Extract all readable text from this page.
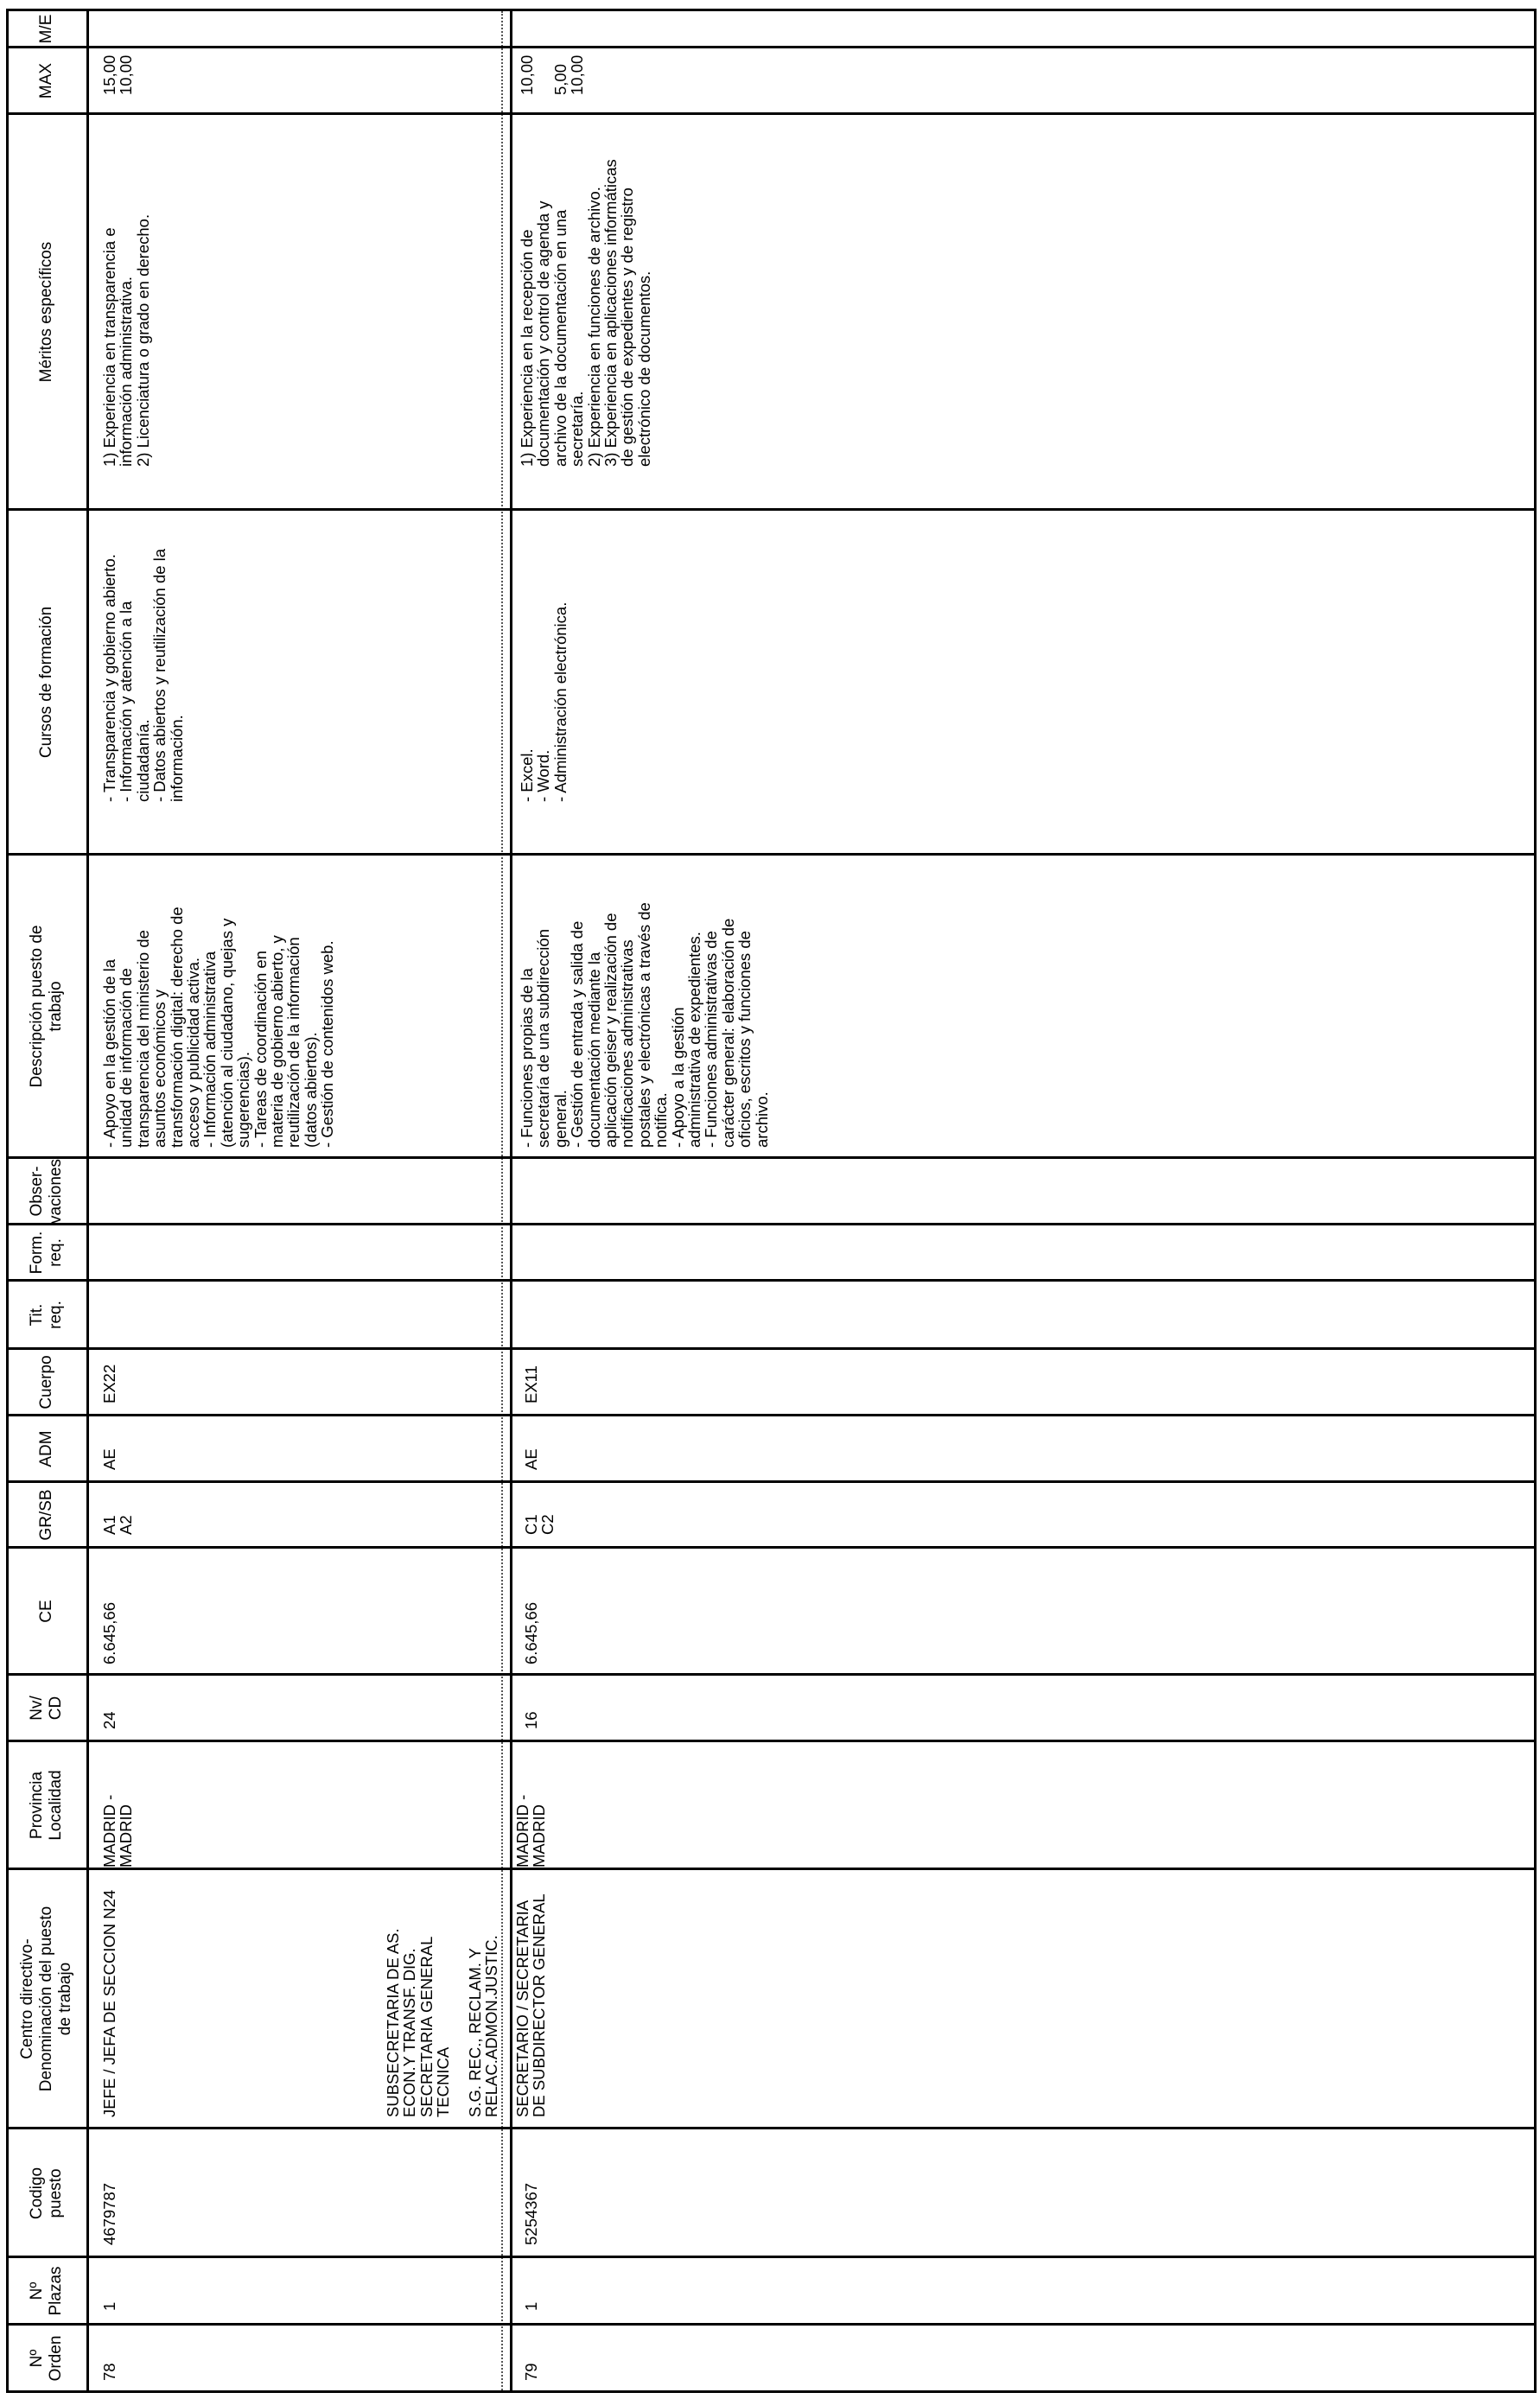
Nº
Orden
Nº
Plazas
Codigo
puesto
Centro directivo-
Denominación del puesto
de trabajo
Provincia
Localidad
Nv/
CD
CE
GR/SB
ADM
Cuerpo
Tit.
req.
Form.
req.
Obser-
vaciones
Descripción puesto de
trabajo
Cursos de formación
Méritos específicos
MAX
M/E
78
1
4679787
JEFE / JEFA DE SECCION N24	SUBSECRETARIA DE AS.
ECON.Y TRANSF. DIG.
SECRETARIA GENERAL
TECNICA S.G. REC., RECLAM. Y
RELAC.ADMON.JUSTIC.
MADRID -
MADRID
24
6.645,66
A1
A2
AE
EX22
- Apoyo en la gestión de la
unidad de información de
transparencia del ministerio de
asuntos económicos y
transformación digital: derecho de
acceso y publicidad activa.
- Información administrativa
(atención al ciudadano, quejas y
sugerencias).
- Tareas de coordinación en
materia de gobierno abierto, y
reutilización de la información
(datos abiertos).
- Gestión de contenidos web.
- Transparencia y gobierno abierto.
- Información y atención a la
ciudadanía.
- Datos abiertos y reutilización de la
información.
1) Experiencia en transparencia e
información administrativa.
2) Licenciatura o grado en derecho.
15,00
10,00
79
1
5254367
SECRETARIO / SECRETARIA
DE SUBDIRECTOR GENERAL
MADRID -
MADRID
16
6.645,66
C1
C2
AE
EX11
- Funciones propias de la
secretaría de una subdirección
general.
- Gestión de entrada y salida de
documentación mediante la
aplicación geiser y realización de
notificaciones administrativas
postales y electrónicas a través de
notifica.
- Apoyo a la gestión
administrativa de expedientes.
- Funciones administrativas de
carácter general: elaboración de
oficios, escritos y funciones de
archivo.
- Excel.
- Word.
- Administración electrónica.
1) Experiencia en la recepción de
documentación y control de agenda y
archivo de la documentación en una
secretaría.
2) Experiencia en funciones de archivo.
3) Experiencia en aplicaciones informáticas
de gestión de expedientes y de registro
electrónico de documentos.
10,00

5,00
10,00
